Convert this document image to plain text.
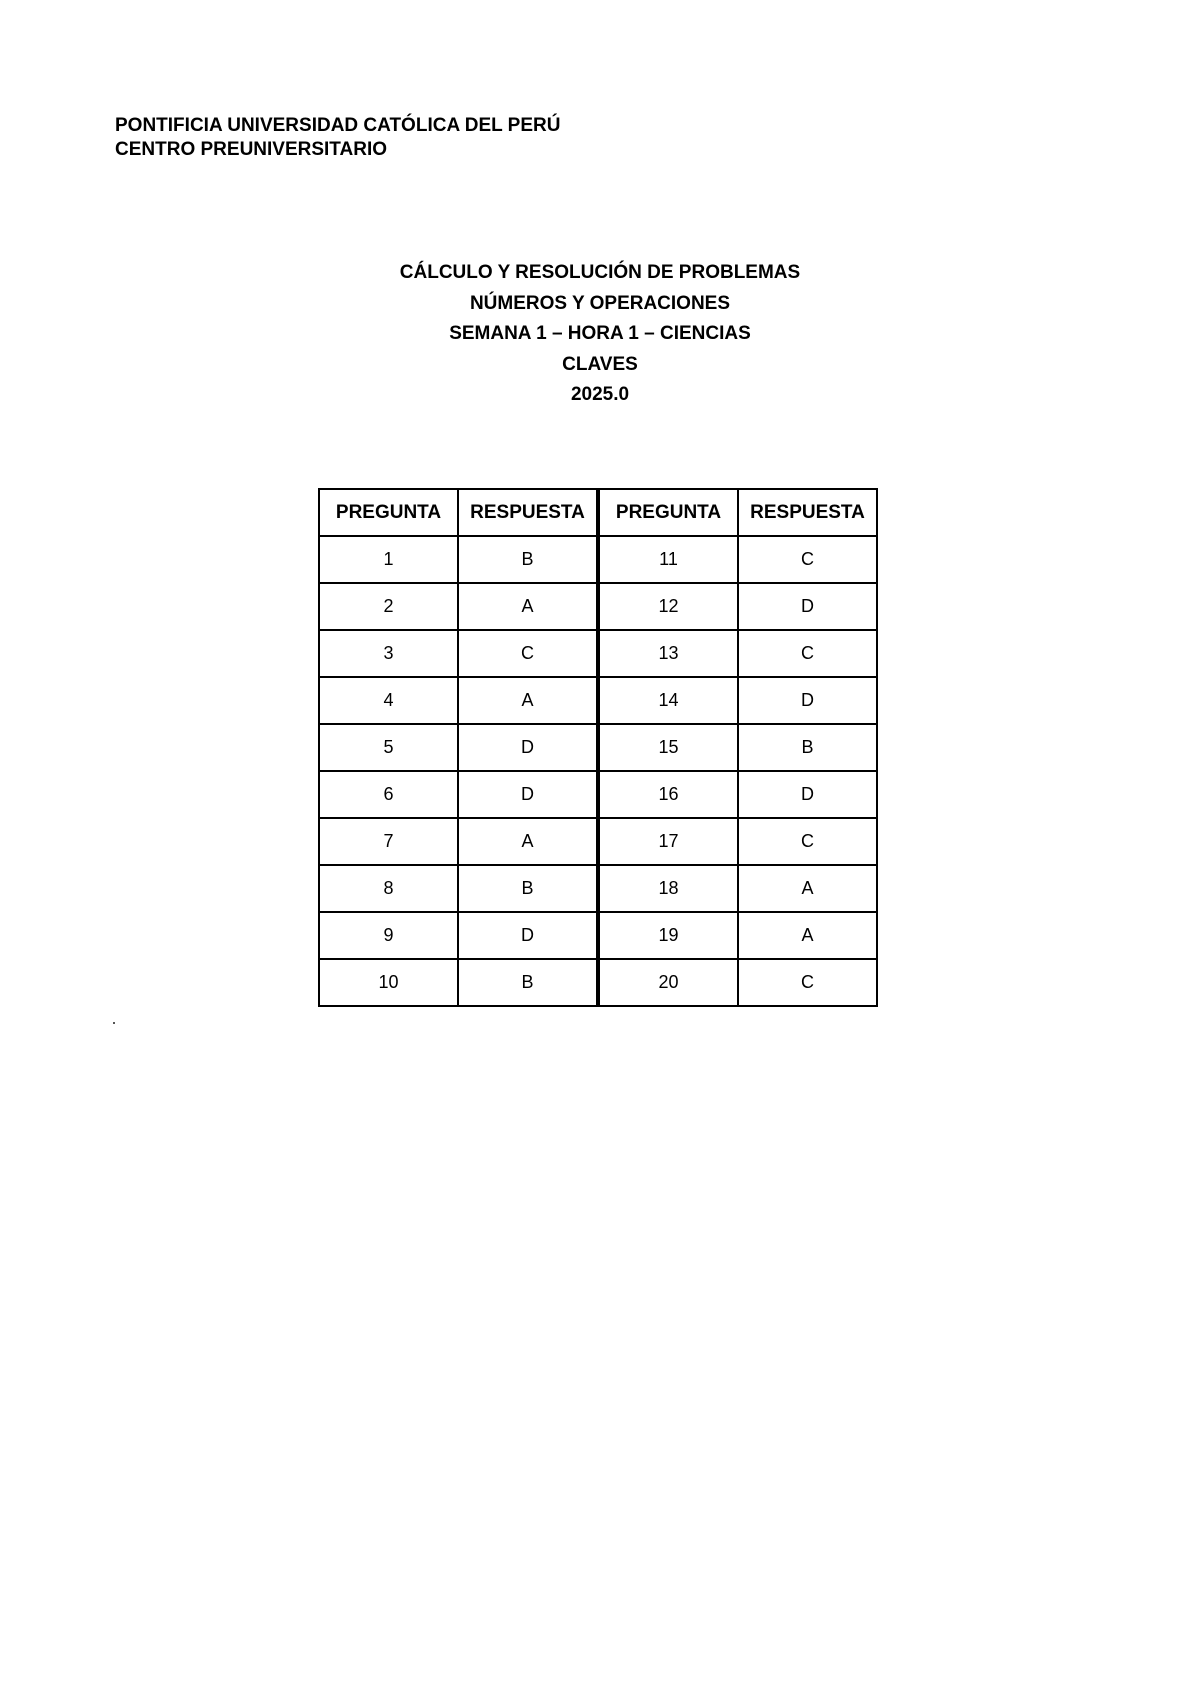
PONTIFICIA UNIVERSIDAD CATÓLICA DEL PERÚ
CENTRO PREUNIVERSITARIO
CÁLCULO Y RESOLUCIÓN DE PROBLEMAS
NÚMEROS Y OPERACIONES
SEMANA 1 – HORA 1 – CIENCIAS
CLAVES
2025.0
PREGUNTA	RESPUESTA	PREGUNTA	RESPUESTA
1	B	11	C
2	A	12	D
3	C	13	C
4	A	14	D
5	D	15	B
6	D	16	D
7	A	17	C
8	B	18	A
9	D	19	A
10	B	20	C
